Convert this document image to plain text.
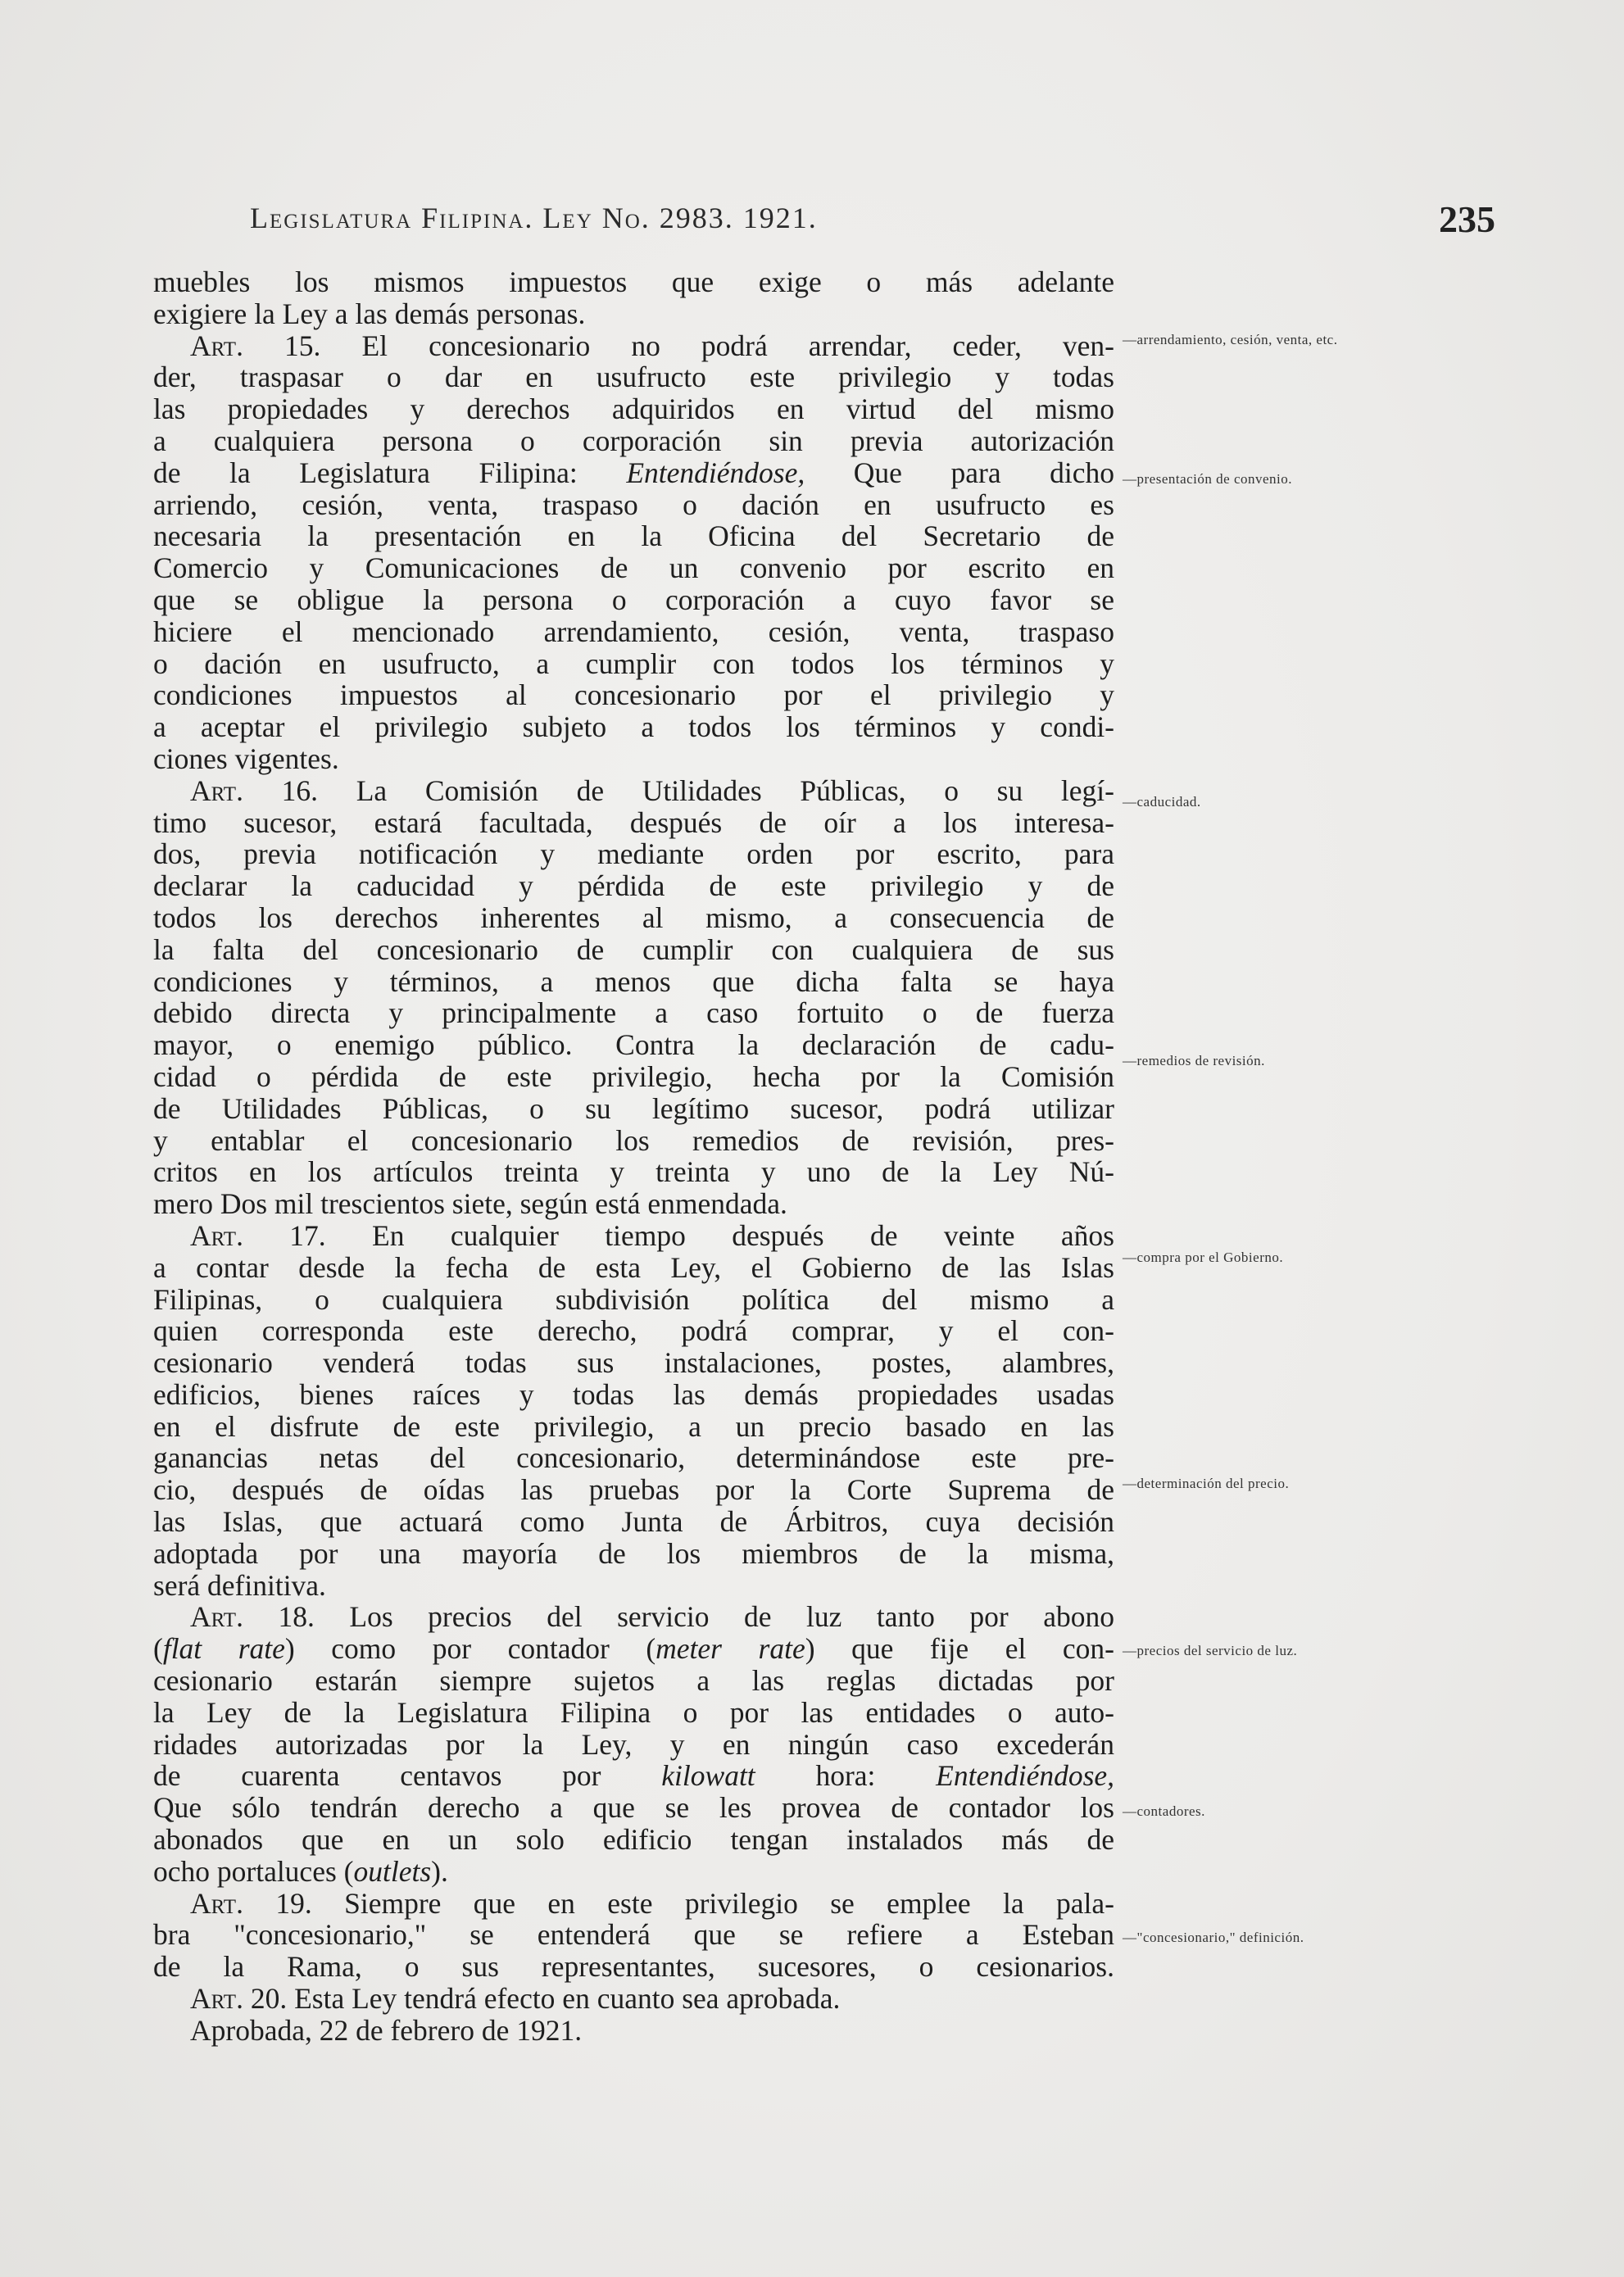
Legislatura Filipina. Ley No. 2983. 1921.	235
muebles los mismos impuestos que exige o más adelante
exigiere la Ley a las demás personas.
Art. 15. El concesionario no podrá arrendar, ceder, ven-
der, traspasar o dar en usufructo este privilegio y todas
las propiedades y derechos adquiridos en virtud del mismo
a cualquiera persona o corporación sin previa autorización
de la Legislatura Filipina: Entendiéndose, Que para dicho
arriendo, cesión, venta, traspaso o dación en usufructo es
necesaria la presentación en la Oficina del Secretario de
Comercio y Comunicaciones de un convenio por escrito en
que se obligue la persona o corporación a cuyo favor se
hiciere el mencionado arrendamiento, cesión, venta, traspaso
o dación en usufructo, a cumplir con todos los términos y
condiciones impuestos al concesionario por el privilegio y
a aceptar el privilegio subjeto a todos los términos y condi-
ciones vigentes.
Art. 16. La Comisión de Utilidades Públicas, o su legí-
timo sucesor, estará facultada, después de oír a los interesa-
dos, previa notificación y mediante orden por escrito, para
declarar la caducidad y pérdida de este privilegio y de
todos los derechos inherentes al mismo, a consecuencia de
la falta del concesionario de cumplir con cualquiera de sus
condiciones y términos, a menos que dicha falta se haya
debido directa y principalmente a caso fortuito o de fuerza
mayor, o enemigo público. Contra la declaración de cadu-
cidad o pérdida de este privilegio, hecha por la Comisión
de Utilidades Públicas, o su legítimo sucesor, podrá utilizar
y entablar el concesionario los remedios de revisión, pres-
critos en los artículos treinta y treinta y uno de la Ley Nú-
mero Dos mil trescientos siete, según está enmendada.
Art. 17. En cualquier tiempo después de veinte años
a contar desde la fecha de esta Ley, el Gobierno de las Islas
Filipinas, o cualquiera subdivisión política del mismo a
quien corresponda este derecho, podrá comprar, y el con-
cesionario venderá todas sus instalaciones, postes, alambres,
edificios, bienes raíces y todas las demás propiedades usadas
en el disfrute de este privilegio, a un precio basado en las
ganancias netas del concesionario, determinándose este pre-
cio, después de oídas las pruebas por la Corte Suprema de
las Islas, que actuará como Junta de Árbitros, cuya decisión
adoptada por una mayoría de los miembros de la misma,
será definitiva.
Art. 18. Los precios del servicio de luz tanto por abono
(flat rate) como por contador (meter rate) que fije el con-
cesionario estarán siempre sujetos a las reglas dictadas por
la Ley de la Legislatura Filipina o por las entidades o auto-
ridades autorizadas por la Ley, y en ningún caso excederán
de cuarenta centavos por kilowatt hora: Entendiéndose,
Que sólo tendrán derecho a que se les provea de contador los
abonados que en un solo edificio tengan instalados más de
ocho portaluces (outlets).
Art. 19. Siempre que en este privilegio se emplee la pala-
bra "concesionario," se entenderá que se refiere a Esteban
de la Rama, o sus representantes, sucesores, o cesionarios.
Art. 20. Esta Ley tendrá efecto en cuanto sea aprobada.
Aprobada, 22 de febrero de 1921.
—arrendamiento, cesión, venta, etc.
—presentación de convenio.
—caducidad.
—remedios de revisión.
—compra por el Gobierno.
—determinación del precio.
—precios del servicio de luz.
—contadores.
—"concesionario," definición.
